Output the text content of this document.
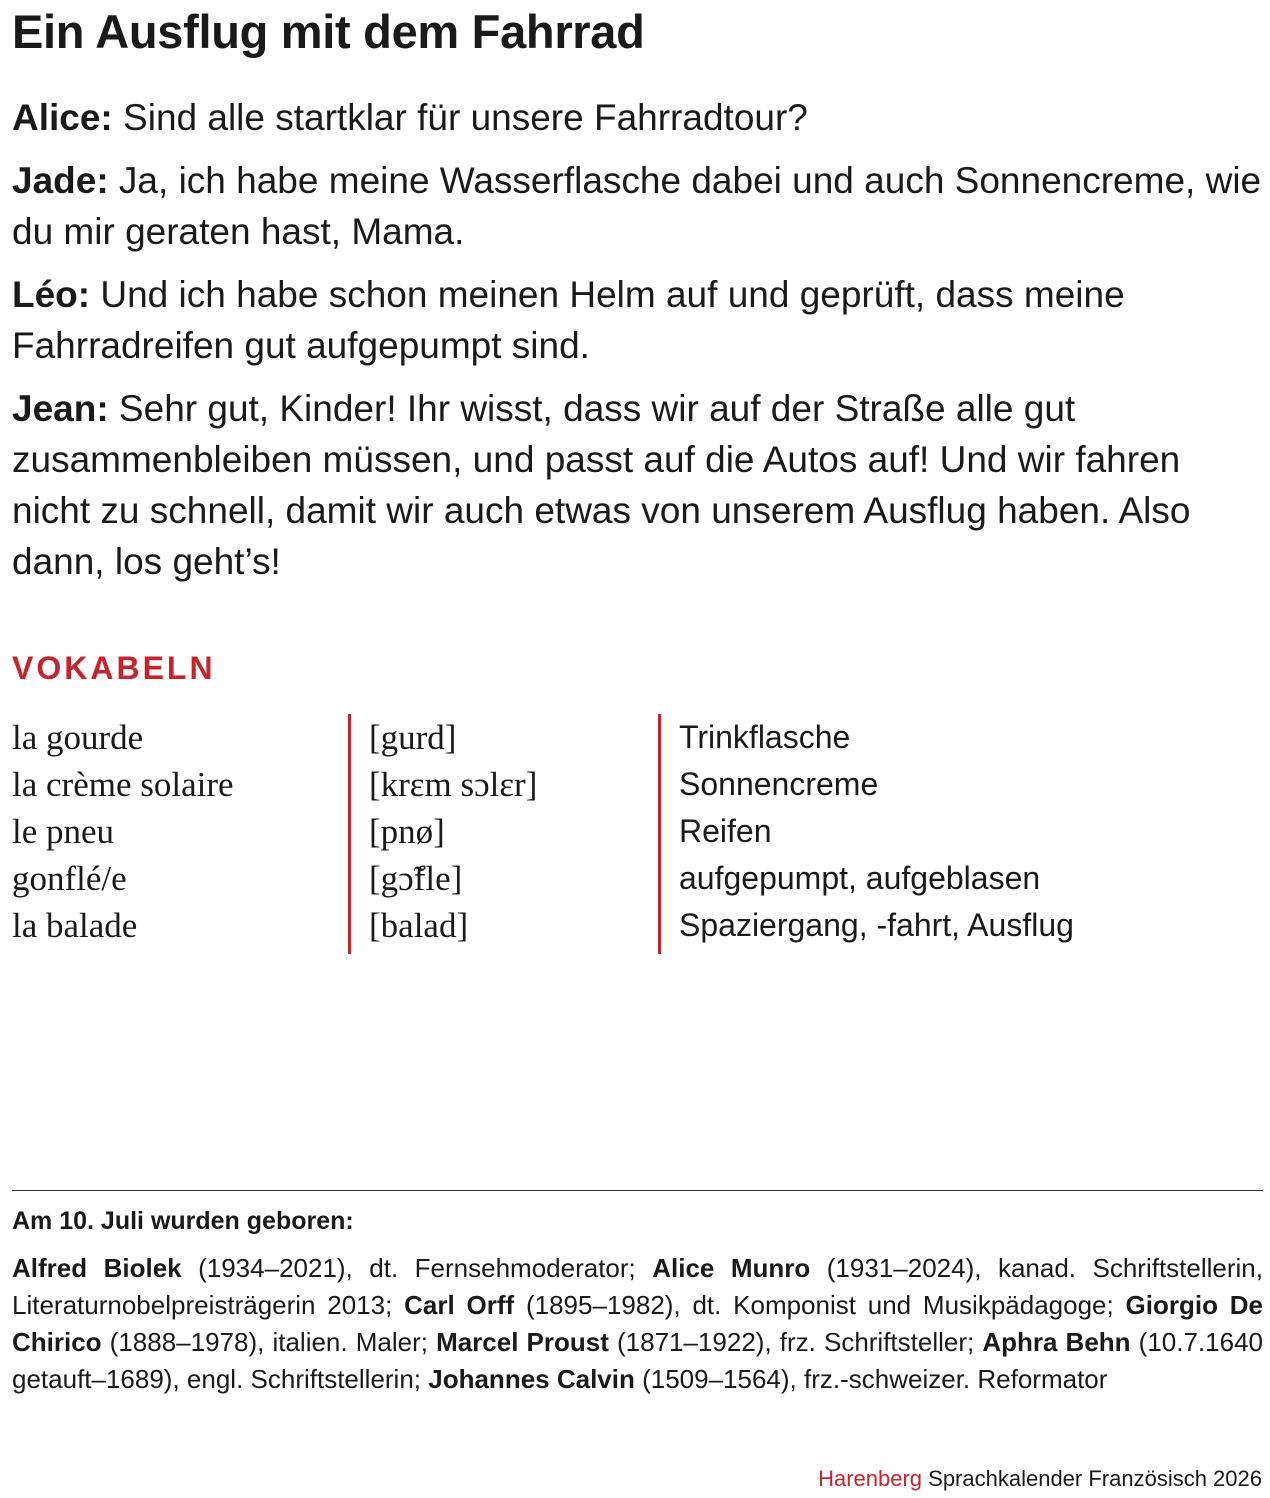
Ein Ausflug mit dem Fahrrad

Alice: Sind alle startklar für unsere Fahrradtour?

Jade: Ja, ich habe meine Wasserflasche dabei und auch Sonnencreme, wie du mir geraten hast, Mama.

Léo: Und ich habe schon meinen Helm auf und geprüft, dass meine Fahrradreifen gut aufgepumpt sind.

Jean: Sehr gut, Kinder! Ihr wisst, dass wir auf der Straße alle gut zusammenbleiben müssen, und passt auf die Autos auf! Und wir fahren nicht zu schnell, damit wir auch etwas von unserem Ausflug haben. Also dann, los geht’s!

VOKABELN
la gourde
la crème solaire
le pneu
gonflé/e
la balade
[gurd]
[krɛm sɔlɛr]
[pnø]
[gɔ̃fle]
[balad]
Trinkflasche
Sonnencreme
Reifen
aufgepumpt, aufgeblasen
Spaziergang, -fahrt, Ausflug
Am 10. Juli wurden geboren:

Alfred Biolek (1934–2021), dt. Fernsehmoderator; Alice Munro (1931–2024), kanad. Schriftstellerin, Literaturnobelpreisträgerin 2013; Carl Orff (1895–1982), dt. Komponist und Musikpädagoge; Giorgio De Chirico (1888–1978), italien. Maler; Marcel Proust (1871–1922), frz. Schriftsteller; Aphra Behn (10.7.1640 getauft–1689), engl. Schriftstellerin; Johannes Calvin (1509–1564), frz.-schweizer. Reformator

Harenberg Sprachkalender Französisch 2026
